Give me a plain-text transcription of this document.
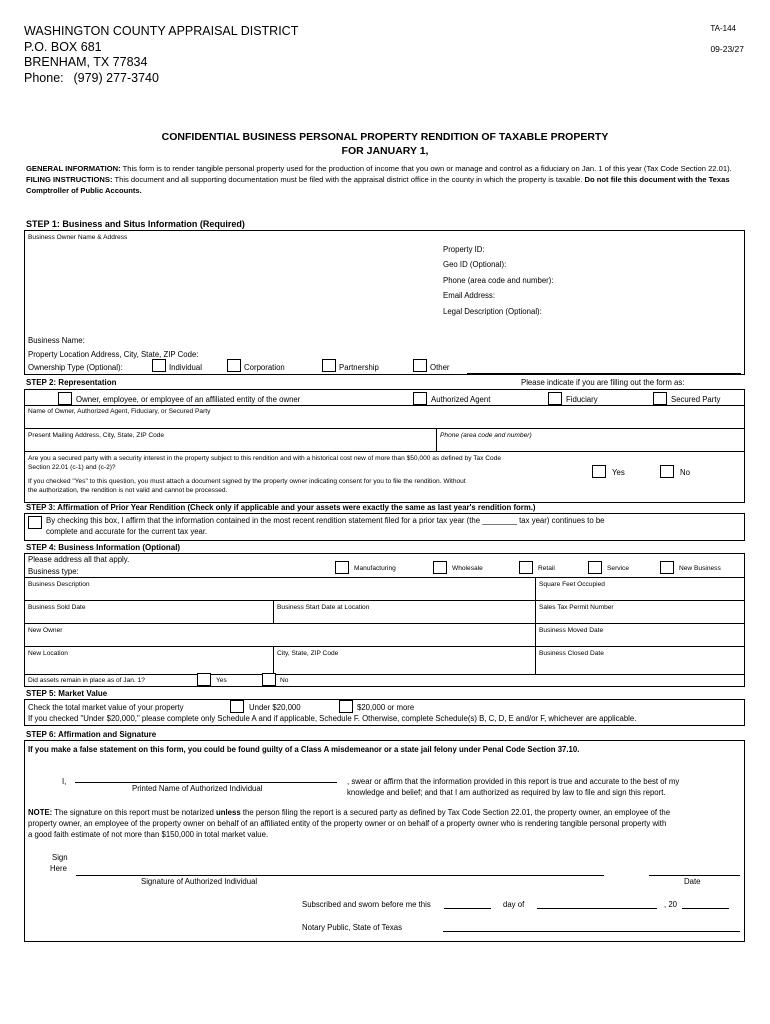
WASHINGTON COUNTY APPRAISAL DISTRICT
P.O. BOX 681
BRENHAM, TX 77834
Phone: (979) 277-3740
TA-144
09-23/27
CONFIDENTIAL BUSINESS PERSONAL PROPERTY RENDITION OF TAXABLE PROPERTY
FOR JANUARY 1,
GENERAL INFORMATION: This form is to render tangible personal property used for the production of income that you own or manage and control as a fiduciary on Jan. 1 of this year (Tax Code Section 22.01).
FILING INSTRUCTIONS: This document and all supporting documentation must be filed with the appraisal district office in the county in which the property is taxable. Do not file this document with the Texas Comptroller of Public Accounts.
STEP 1: Business and Situs Information (Required)
Business Owner Name & Address
Property ID:
Geo ID (Optional):
Phone (area code and number):
Email Address:
Legal Description (Optional):
Business Name:
Property Location Address, City, State, ZIP Code:
Ownership Type (Optional):	Individual	Corporation	Partnership	Other
STEP 2: Representation	Please indicate if you are filling out the form as:
Owner, employee, or employee of an affiliated entity of the owner	Authorized Agent	Fiduciary	Secured Party
Name of Owner, Authorized Agent, Fiduciary, or Secured Party
Present Mailing Address, City, State, ZIP Code	Phone (area code and number)
Are you a secured party with a security interest in the property subject to this rendition and with a historical cost new of more than $50,000 as defined by Tax Code
Section 22.01 (c-1) and (c-2)?
If you checked "Yes" to this question, you must attach a document signed by the property owner indicating consent for you to file the rendition. Without
the authorization, the rendition is not valid and cannot be processed.
Yes	No
STEP 3: Affirmation of Prior Year Rendition (Check only if applicable and your assets were exactly the same as last year's rendition form.)
By checking this box, I affirm that the information contained in the most recent rendition statement filed for a prior tax year (the ________ tax year) continues to be
complete and accurate for the current tax year.
STEP 4: Business Information (Optional)
Please address all that apply.
Business type:	Manufacturing	Wholesale	Retail	Service	New Business
Business Description	Square Feet Occupied
Business Sold Date	Business Start Date at Location	Sales Tax Permit Number
New Owner	Business Moved Date
New Location	City, State, ZIP Code	Business Closed Date
Did assets remain in place as of Jan. 1?	Yes	No
STEP 5: Market Value
Check the total market value of your property	Under $20,000	$20,000 or more
If you checked "Under $20,000," please complete only Schedule A and if applicable, Schedule F. Otherwise, complete Schedule(s) B, C, D, E and/or F, whichever are applicable.
STEP 6: Affirmation and Signature
If you make a false statement on this form, you could be found guilty of a Class A misdemeanor or a state jail felony under Penal Code Section 37.10.
I,
Printed Name of Authorized Individual
, swear or affirm that the information provided in this report is true and accurate to the best of my
knowledge and belief; and that I am authorized as required by law to file and sign this report.
NOTE: The signature on this report must be notarized unless the person filing the report is a secured party as defined by Tax Code Section 22.01, the property owner, an employee of the
property owner, an employee of the property owner on behalf of an affiliated entity of the property owner or on behalf of a property owner who is rendering tangible personal property with
a good faith estimate of not more than $150,000 in total market value.
Sign
Here
Signature of Authorized Individual	Date
Subscribed and sworn before me this	day of	, 20
Notary Public, State of Texas
